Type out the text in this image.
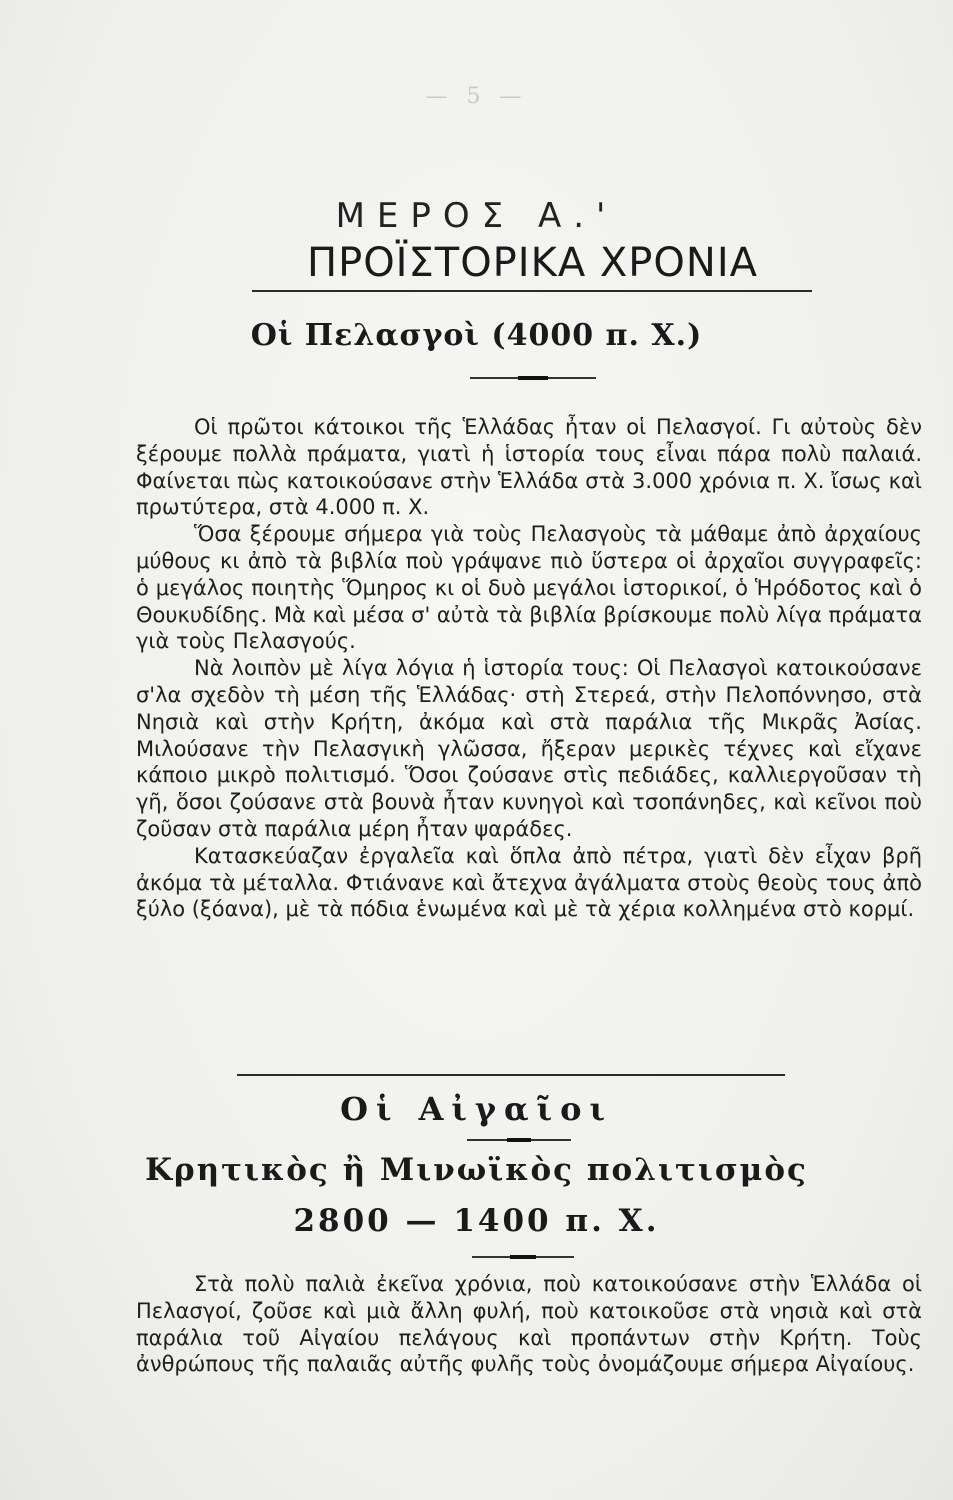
— 5 —
ΜΕΡΟΣ Α.'
ΠΡΟΪΣΤΟΡΙΚΑ ΧΡΟΝΙΑ
Οἱ Πελασγοὶ (4000 π. Χ.)

Οἱ πρῶτοι κάτοικοι τῆς Ἑλλάδας ἦταν οἱ Πελασγοί. Γι αὐτοὺς δὲν ξέρουμε πολλὰ πράματα, γιατὶ ἡ ἱστορία τους εἶναι πάρα πολὺ παλαιά. Φαίνεται πὼς κατοικούσανε στὴν Ἑλλάδα στὰ 3.000 χρόνια π. Χ. ἴσως καὶ πρωτύτερα, στὰ 4.000 π. Χ.

Ὅσα ξέρουμε σήμερα γιὰ τοὺς Πελασγοὺς τὰ μάθαμε ἀπὸ ἀρχαίους μύθους κι ἀπὸ τὰ βιβλία ποὺ γράψανε πιὸ ὕστερα οἱ ἀρχαῖοι συγγραφεῖς: ὁ μεγάλος ποιητὴς Ὅμηρος κι οἱ δυὸ μεγάλοι ἱστορικοί, ὁ Ἡρόδοτος καὶ ὁ Θουκυδίδης. Μὰ καὶ μέσα σ' αὐτὰ τὰ βιβλία βρίσκουμε πολὺ λίγα πράματα γιὰ τοὺς Πελασγούς.

Νὰ λοιπὸν μὲ λίγα λόγια ἡ ἱστορία τους: Οἱ Πελασγοὶ κατοικούσανε σ'λα σχεδὸν τὴ μέση τῆς Ἑλλάδας· στὴ Στερεά, στὴν Πελοπόννησο, στὰ Νησιὰ καὶ στὴν Κρήτη, ἀκόμα καὶ στὰ παράλια τῆς Μικρᾶς Ἀσίας. Μιλούσανε τὴν Πελασγικὴ γλῶσσα, ἤξεραν μερικὲς τέχνες καὶ εἴχανε κάποιο μικρὸ πολιτισμό. Ὅσοι ζούσανε στὶς πεδιάδες, καλλιεργοῦσαν τὴ γῆ, ὅσοι ζούσανε στὰ βουνὰ ἦταν κυνηγοὶ καὶ τσοπάνηδες, καὶ κεῖνοι ποὺ ζοῦσαν στὰ παράλια μέρη ἦταν ψαράδες.

Κατασκεύαζαν ἐργαλεῖα καὶ ὅπλα ἀπὸ πέτρα, γιατὶ δὲν εἶχαν βρῆ ἀκόμα τὰ μέταλλα. Φτιάνανε καὶ ἄτεχνα ἀγάλματα στοὺς θεοὺς τους ἀπὸ ξύλο (ξόανα), μὲ τὰ πόδια ἑνωμένα καὶ μὲ τὰ χέρια κολλημένα στὸ κορμί.

Οἱ Αἰγαῖοι
Κρητικὸς ἢ Μινωϊκὸς πολιτισμὸς
2800 — 1400 π. Χ.

Στὰ πολὺ παλιὰ ἐκεῖνα χρόνια, ποὺ κατοικούσανε στὴν Ἑλλάδα οἱ Πελασγοί, ζοῦσε καὶ μιὰ ἄλλη φυλή, ποὺ κατοικοῦσε στὰ νησιὰ καὶ στὰ παράλια τοῦ Αἰγαίου πελάγους καὶ προπάντων στὴν Κρήτη. Τοὺς ἀνθρώπους τῆς παλαιᾶς αὐτῆς φυλῆς τοὺς ὀνομάζουμε σήμερα Αἰγαίους.
